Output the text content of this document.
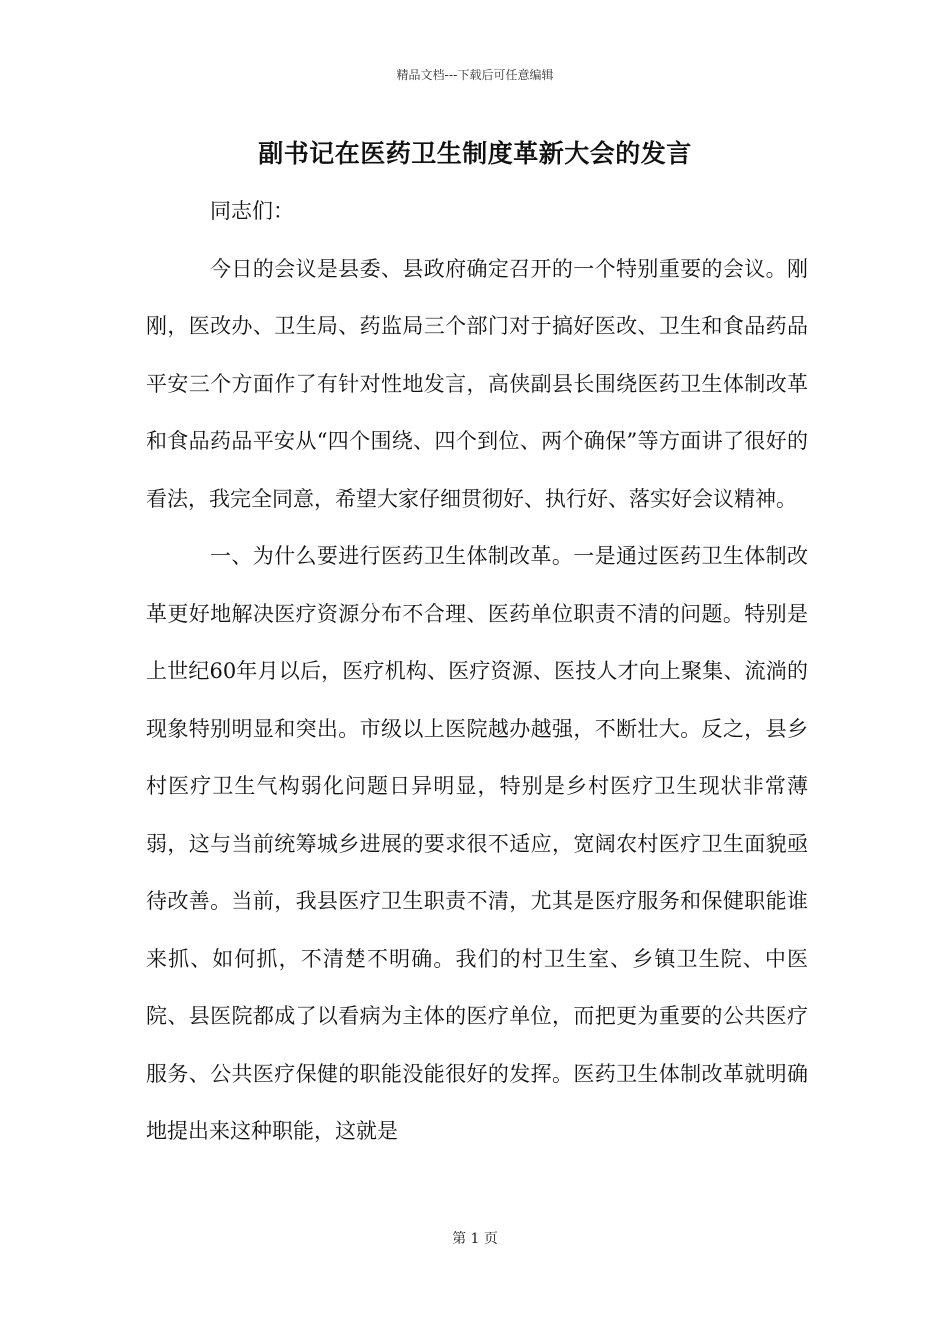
精品文档---下载后可任意编辑
副书记在医药卫生制度革新大会的发言

同志们：

今日的会议是县委、县政府确定召开的一个特别重要的会议。刚刚，医改办、卫生局、药监局三个部门对于搞好医改、卫生和食品药品平安三个方面作了有针对性地发言，高侠副县长围绕医药卫生体制改革和食品药品平安从“四个围绕、四个到位、两个确保”等方面讲了很好的看法，我完全同意，希望大家仔细贯彻好、执行好、落实好会议精神。

一、为什么要进行医药卫生体制改革。一是通过医药卫生体制改革更好地解决医疗资源分布不合理、医药单位职责不清的问题。特别是上世纪60年月以后，医疗机构、医疗资源、医技人才向上聚集、流淌的现象特别明显和突出。市级以上医院越办越强，不断壮大。反之，县乡村医疗卫生气构弱化问题日异明显，特别是乡村医疗卫生现状非常薄弱，这与当前统筹城乡进展的要求很不适应，宽阔农村医疗卫生面貌亟待改善。当前，我县医疗卫生职责不清，尤其是医疗服务和保健职能谁来抓、如何抓，不清楚不明确。我们的村卫生室、乡镇卫生院、中医院、县医院都成了以看病为主体的医疗单位，而把更为重要的公共医疗服务、公共医疗保健的职能没能很好的发挥。医药卫生体制改革就明确地提出来这种职能，这就是

第 1 页
